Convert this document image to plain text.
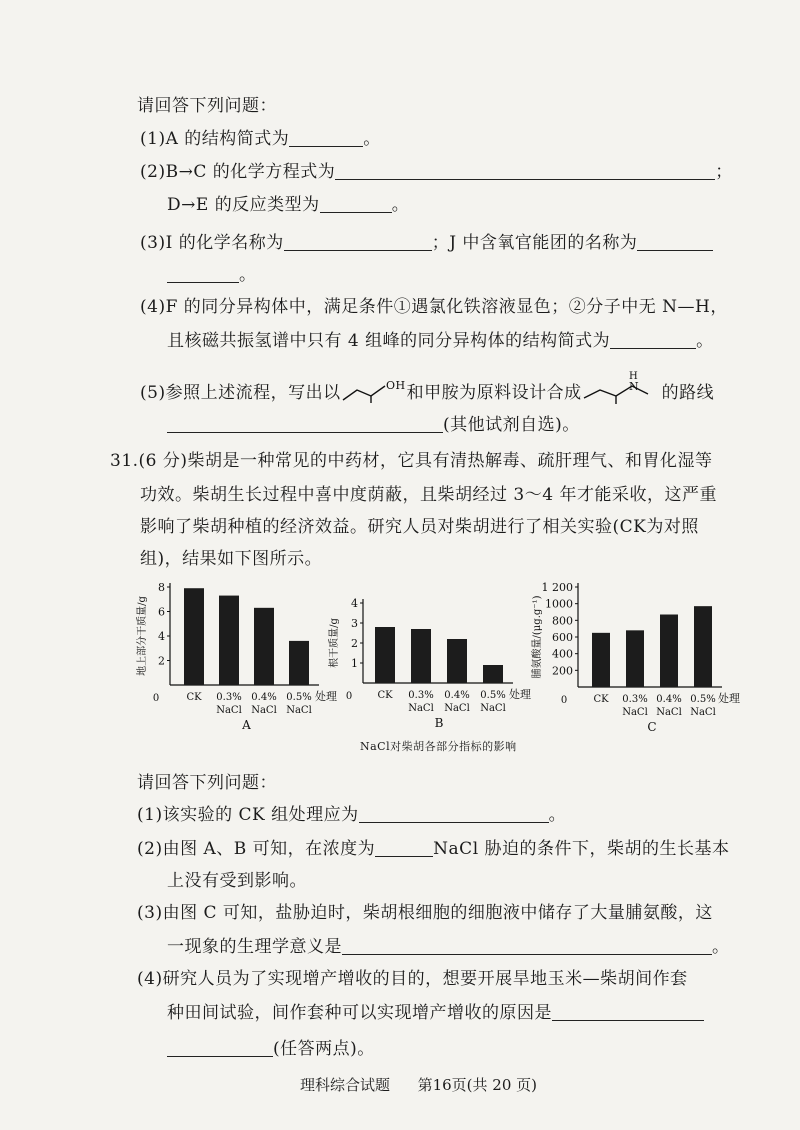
请回答下列问题：
(1)A 的结构简式为	。
(2)B→C 的化学方程式为	；
D→E 的反应类型为	。
(3)I 的化学名称为	；J 中含氧官能团的名称为
。
(4)F 的同分异构体中，满足条件①遇氯化铁溶液显色；②分子中无 N—H，
且核磁共振氢谱中只有 4 组峰的同分异构体的结构简式为	。
(5)参照上述流程，写出以	OH 和甲胺为原料设计合成
H
N 的路线
(其他试剂自选)。
31.(6 分)柴胡是一种常见的中药材，它具有清热解毒、疏肝理气、和胃化湿等
功效。柴胡生长过程中喜中度荫蔽，且柴胡经过 3～4 年才能采收，这严重
影响了柴胡种植的经济效益。研究人员对柴胡进行了相关实验(CK为对照
组)，结果如下图所示。
2
4
6
8
0	CK 0.3%
NaCl
0.4%
NaCl
0.5%
NaCl
处理
地上部分干质量/g
A
1
2
3
4
0	CK 0.3%
NaCl
0.4%
NaCl
0.5%
NaCl
处理
根干质量/g
B
200
400
600
800
1000
1 200
0	CK 0.3%
NaCl
0.4%
NaCl
0.5%
NaCl
处理
脯氨酸量/(μg.g⁻¹)
C
NaCl对柴胡各部分指标的影响
请回答下列问题：
(1)该实验的 CK 组处理应为	。
(2)由图 A、B 可知，在浓度为	NaCl 胁迫的条件下，柴胡的生长基本
上没有受到影响。
(3)由图 C 可知，盐胁迫时，柴胡根细胞的细胞液中储存了大量脯氨酸，这
一现象的生理学意义是	。
(4)研究人员为了实现增产增收的目的，想要开展旱地玉米—柴胡间作套
种田间试验，间作套种可以实现增产增收的原因是
(任答两点)。
理科综合试题 第16页(共 20 页)
